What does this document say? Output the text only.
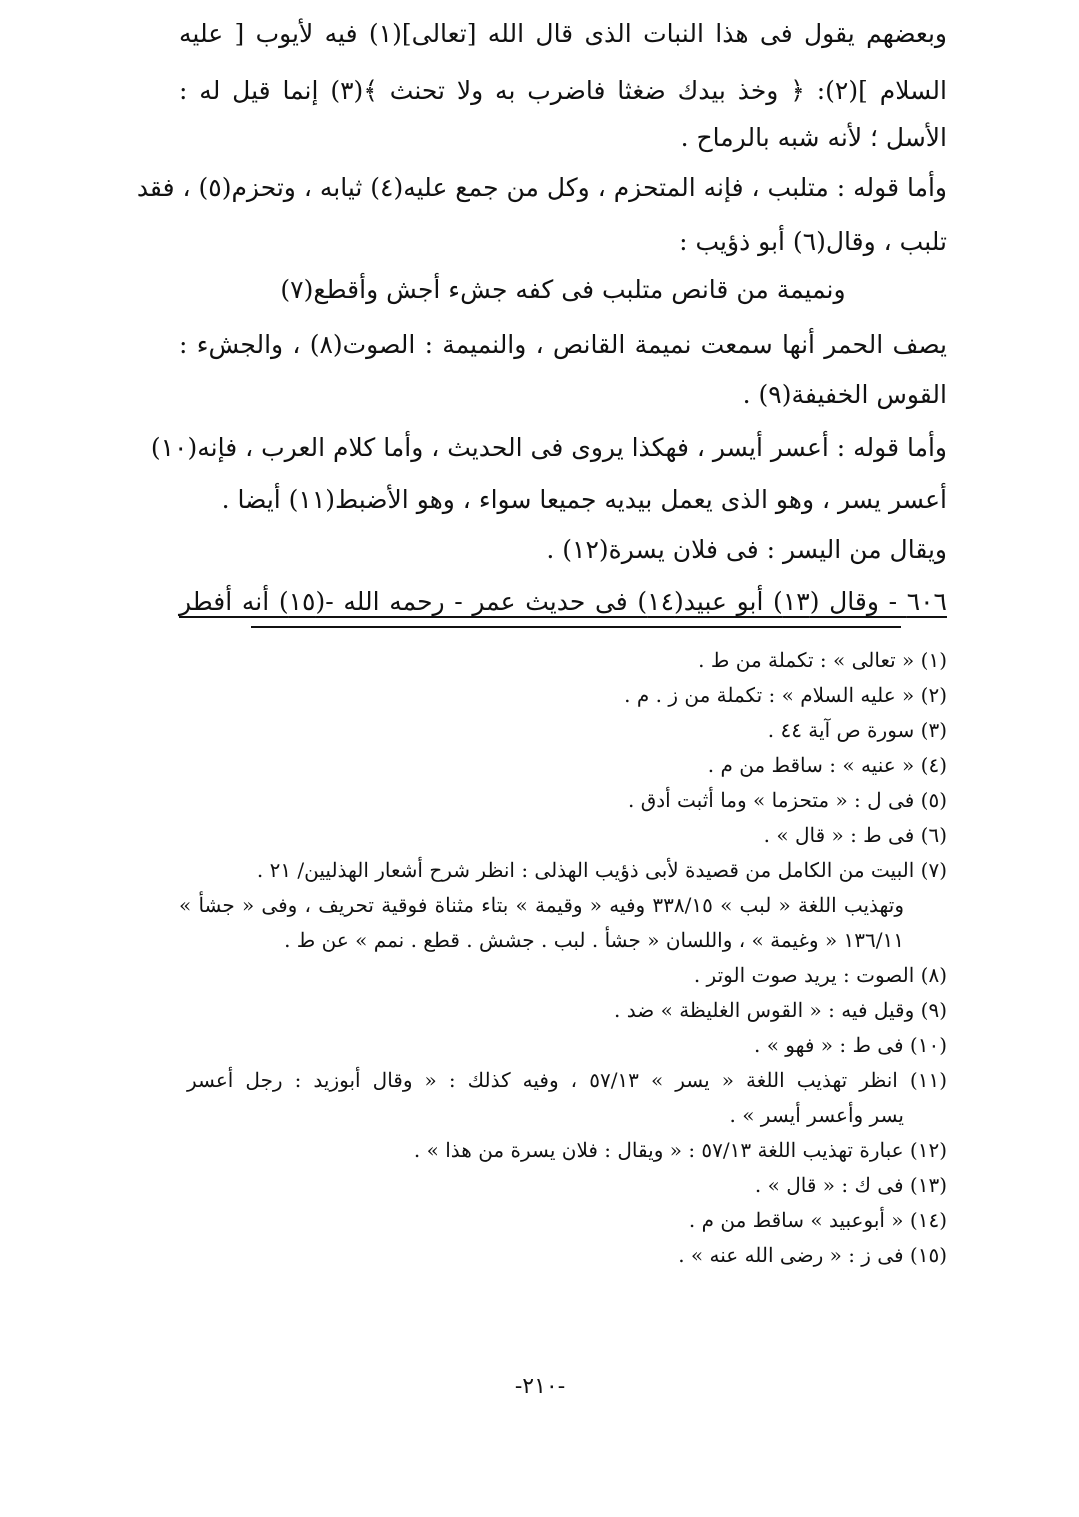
وبعضهم يقول فى هذا النبات الذى قال الله [تعالى](١) فيه لأيوب [ عليه
السلام ](٢): ﴿ وخذ بيدك ضغثا فاضرب به ولا تحنث ﴾(٣) إنما قيل له :
الأسل ؛ لأنه شبه بالرماح .
وأما قوله : متلبب ، فإنه المتحزم ، وكل من جمع عليه(٤) ثيابه ، وتحزم(٥) ، فقد
تلبب ، وقال(٦) أبو ذؤيب :
ونميمة من قانص متلبب فى كفه جشء أجش وأقطع(٧)
يصف الحمر أنها سمعت نميمة القانص ، والنميمة : الصوت(٨) ، والجشء :
القوس الخفيفة(٩) .
وأما قوله : أعسر أيسر ، فهكذا يروى فى الحديث ، وأما كلام العرب ، فإنه(١٠)
أعسر يسر ، وهو الذى يعمل بيديه جميعا سواء ، وهو الأضبط(١١) أيضا .
ويقال من اليسر : فى فلان يسرة(١٢) .
٦٠٦ - وقال (١٣) أبو عبيد(١٤) فى حديث عمر - رحمه الله -(١٥) أنه أفطر
(١) « تعالى » : تكملة من ط .
(٢) « عليه السلام » : تكملة من ز . م .
(٣) سورة ص آية ٤٤ .
(٤) « عنيه » : ساقط من م .
(٥) فى ل : « متحزما » وما أثبت أدق .
(٦) فى ط : « قال » .
(٧) البيت من الكامل من قصيدة لأبى ذؤيب الهذلى : انظر شرح أشعار الهذليين/ ٢١ .
وتهذيب اللغة « لبب » ٣٣٨/١٥ وفيه « وقيمة » بتاء مثناة فوقية تحريف ، وفى « جشأ »
١٣٦/١١ « وغيمة » ، واللسان « جشأ . لبب . جشش . قطع . نمم » عن ط .
(٨) الصوت : يريد صوت الوتر .
(٩) وقيل فيه : « القوس الغليظة » ضد .
(١٠) فى ط : « فهو » .
(١١) انظر تهذيب اللغة « يسر » ٥٧/١٣ ، وفيه كذلك : « وقال أبوزيد : رجل أعسر
يسر وأعسر أيسر » .
(١٢) عبارة تهذيب اللغة ٥٧/١٣ : « ويقال : فلان يسرة من هذا » .
(١٣) فى ك : « قال » .
(١٤) « أبوعبيد » ساقط من م .
(١٥) فى ز : « رضى الله عنه » .
-٢١٠-
